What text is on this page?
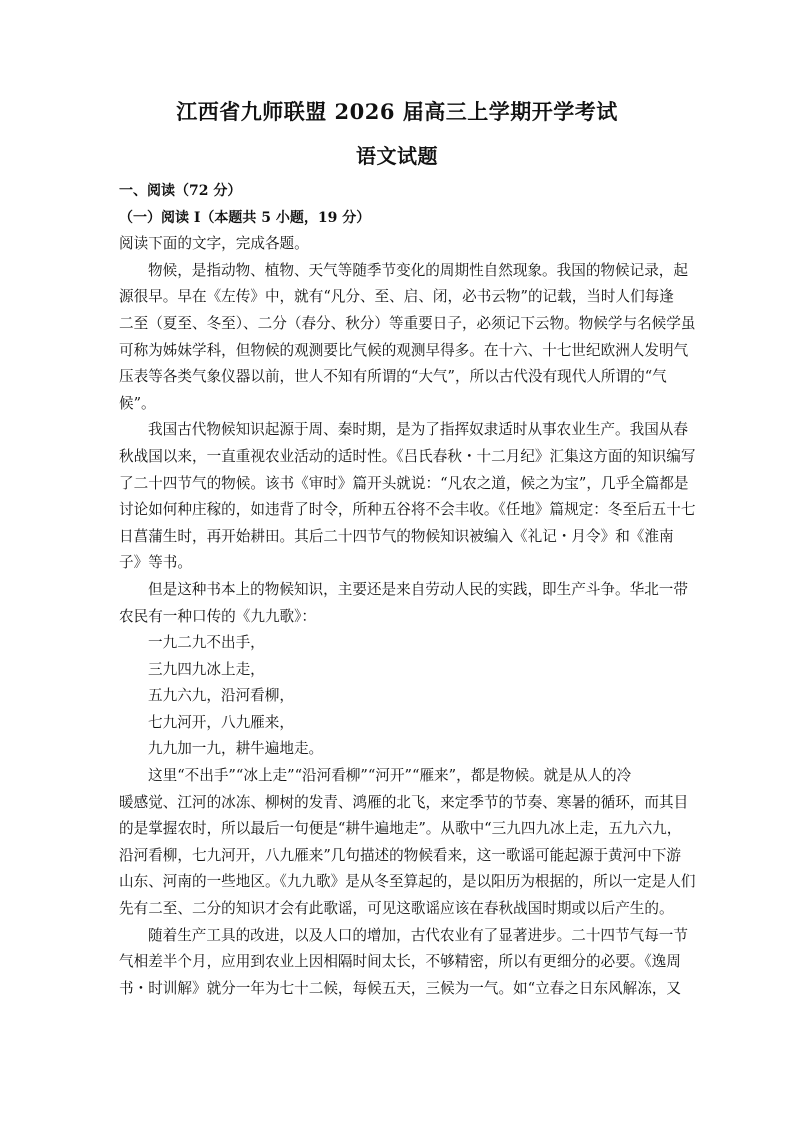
江西省九师联盟 2026 届高三上学期开学考试
语文试题
一、阅读（72 分）
（一）阅读 I（本题共 5 小题，19 分）
阅读下面的文字，完成各题。
物候，是指动物、植物、天气等随季节变化的周期性自然现象。我国的物候记录，起
源很早。早在《左传》中，就有“凡分、至、启、闭，必书云物”的记载，当时人们每逢
二至（夏至、冬至）、二分（春分、秋分）等重要日子，必须记下云物。物候学与名候学虽
可称为姊妹学科，但物候的观测要比气候的观测早得多。在十六、十七世纪欧洲人发明气
压表等各类气象仪器以前，世人不知有所谓的“大气”，所以古代没有现代人所谓的“气
候”。
我国古代物候知识起源于周、秦时期，是为了指挥奴隶适时从事农业生产。我国从春
秋战国以来，一直重视农业活动的适时性。《吕氏春秋・十二月纪》汇集这方面的知识编写
了二十四节气的物候。该书《审时》篇开头就说：“凡农之道，候之为宝”，几乎全篇都是
讨论如何种庄稼的，如违背了时令，所种五谷将不会丰收。《任地》篇规定：冬至后五十七
日菖蒲生时，再开始耕田。其后二十四节气的物候知识被编入《礼记・月令》和《淮南
子》等书。
但是这种书本上的物候知识，主要还是来自劳动人民的实践，即生产斗争。华北一带
农民有一种口传的《九九歌》：
一九二九不出手，
三九四九冰上走，
五九六九，沿河看柳，
七九河开，八九雁来，
九九加一九，耕牛遍地走。
这里“不出手”“冰上走”“沿河看柳”“河开”“雁来”，都是物候。就是从人的冷
暖感觉、江河的冰冻、柳树的发青、鸿雁的北飞，来定季节的节奏、寒暑的循环，而其目
的是掌握农时，所以最后一句便是“耕牛遍地走”。从歌中“三九四九冰上走，五九六九，
沿河看柳，七九河开，八九雁来”几句描述的物候看来，这一歌谣可能起源于黄河中下游
山东、河南的一些地区。《九九歌》是从冬至算起的，是以阳历为根据的，所以一定是人们
先有二至、二分的知识才会有此歌谣，可见这歌谣应该在春秋战国时期或以后产生的。
随着生产工具的改进，以及人口的增加，古代农业有了显著进步。二十四节气每一节
气相差半个月，应用到农业上因相隔时间太长，不够精密，所以有更细分的必要。《逸周
书・时训解》就分一年为七十二候，每候五天，三候为一气。如“立春之日东风解冻，又
